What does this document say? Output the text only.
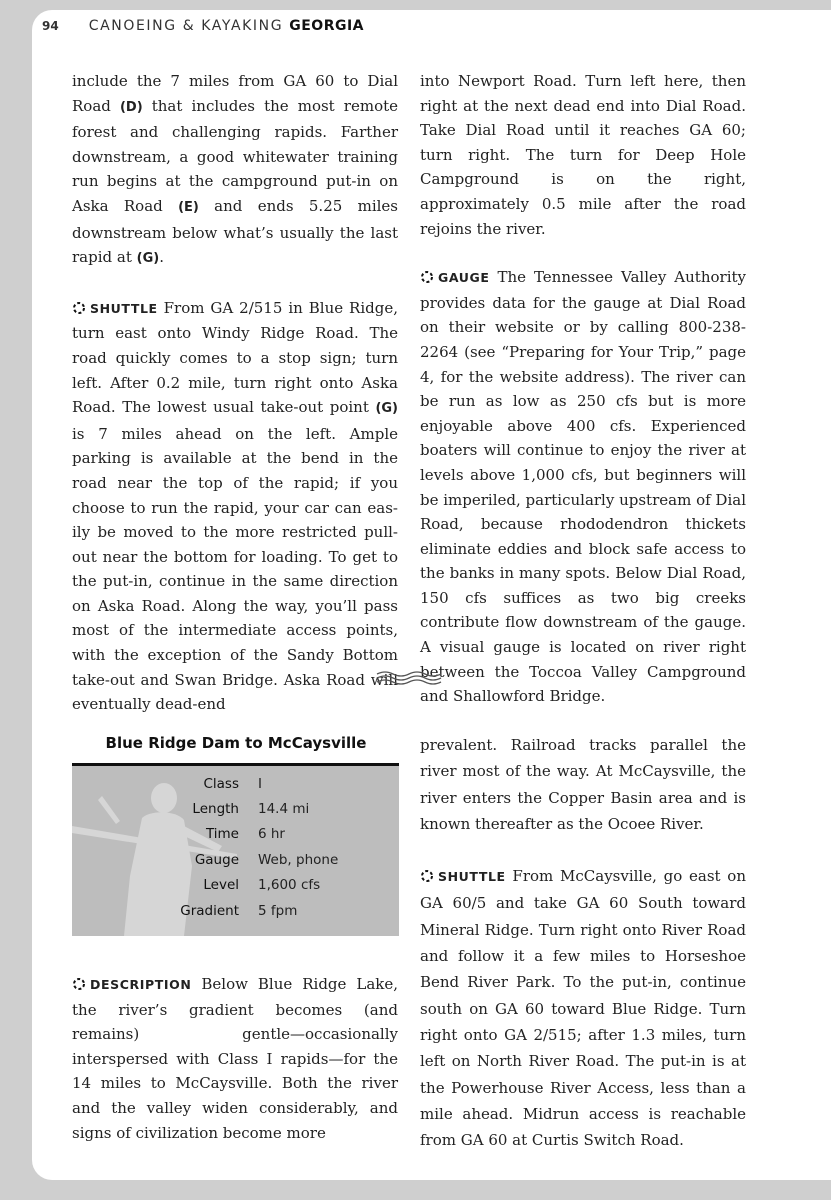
94 CANOEING & KAYAKING GEORGIA

include the 7 miles from GA 60 to Dial Road (D) that includes the most remote forest and challenging rapids. Farther downstream, a good whitewater training run begins at the campground put-in on Aska Road (E) and ends 5.25 miles downstream below what’s usually the last rapid at (G).

SHUTTLE From GA 2/515 in Blue Ridge, turn east onto Windy Ridge Road. The road quickly comes to a stop sign; turn left. After 0.2 mile, turn right onto Aska Road. The lowest usual take-out point (G) is 7 miles ahead on the left. Ample parking is available at the bend in the road near the top of the rapid; if you choose to run the rapid, your car can easily be moved to the more restricted pull-out near the bottom for loading. To get to the put-in, continue in the same direction on Aska Road. Along the way, you’ll pass most of the intermediate access points, with the exception of the Sandy Bottom take-out and Swan Bridge. Aska Road will eventually dead-end

into Newport Road. Turn left here, then right at the next dead end into Dial Road. Take Dial Road until it reaches GA 60; turn right. The turn for Deep Hole Campground is on the right, approximately 0.5 mile after the road rejoins the river.

GAUGE The Tennessee Valley Authority provides data for the gauge at Dial Road on their website or by calling 800-238-2264 (see “Preparing for Your Trip,” page 4, for the website address). The river can be run as low as 250 cfs but is more enjoyable above 400 cfs. Experienced boaters will continue to enjoy the river at levels above 1,000 cfs, but beginners will be imperiled, particularly upstream of Dial Road, because rhododendron thickets eliminate eddies and block safe access to the banks in many spots. Below Dial Road, 150 cfs suffices as two big creeks contribute flow downstream of the gauge. A visual gauge is located on river right between the Toccoa Valley Campground and Shallowford Bridge.

Blue Ridge Dam to McCaysville
Class I
Length 14.4 mi
Time 6 hr
Gauge Web, phone
Level 1,600 cfs
Gradient 5 fpm

DESCRIPTION Below Blue Ridge Lake, the river’s gradient becomes (and remains) gentle—occasionally interspersed with Class I rapids—for the 14 miles to McCaysville. Both the river and the valley widen considerably, and signs of civilization become more

prevalent. Railroad tracks parallel the river most of the way. At McCaysville, the river enters the Copper Basin area and is known thereafter as the Ocoee River.

SHUTTLE From McCaysville, go east on GA 60/5 and take GA 60 South toward Mineral Ridge. Turn right onto River Road and follow it a few miles to Horseshoe Bend River Park. To the put-in, continue south on GA 60 toward Blue Ridge. Turn right onto GA 2/515; after 1.3 miles, turn left on North River Road. The put-in is at the Powerhouse River Access, less than a mile ahead. Midrun access is reachable from GA 60 at Curtis Switch Road.
